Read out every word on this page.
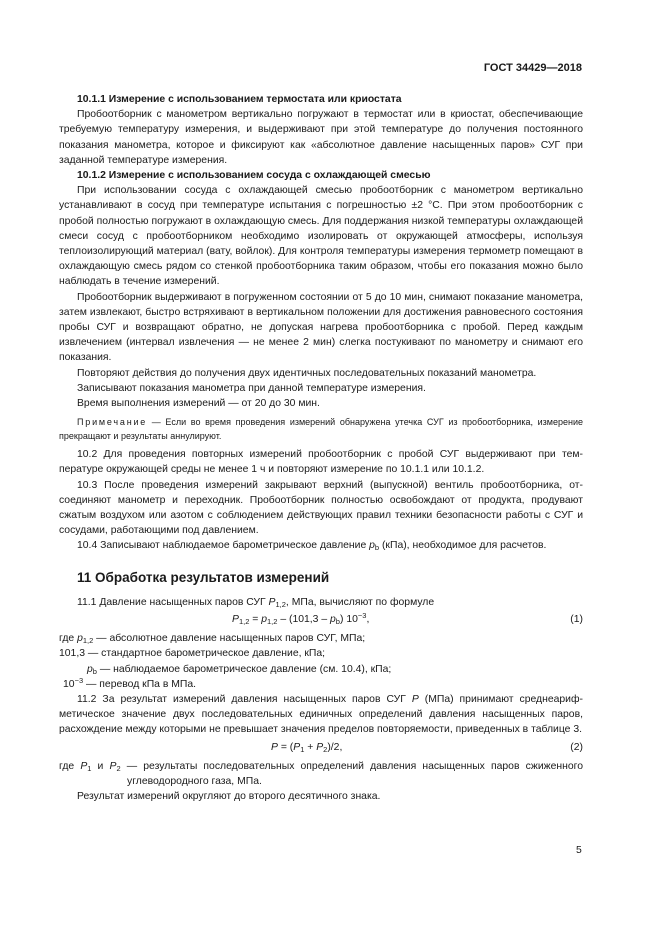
ГОСТ 34429—2018

10.1.1 Измерение с использованием термостата или криостата

Пробоотборник с манометром вертикально погружают в термостат или в криостат, обеспечивающие требуемую температуру измерения, и выдерживают при этой температуре до получения постоянного показания манометра, которое и фиксируют как «абсолютное давление насыщенных паров» СУГ при заданной температуре измерения.

10.1.2 Измерение с использованием сосуда с охлаждающей смесью

При использовании сосуда с охлаждающей смесью пробоотборник с манометром вертикально устанавливают в сосуд при температуре испытания с погрешностью ±2 °С. При этом пробоотборник с пробой полностью погружают в охлаждающую смесь. Для поддержания низкой температуры охлаждающей смеси сосуд с пробоотборником необходимо изолировать от окружающей атмосферы, используя теплоизолирующий материал (вату, войлок). Для контроля температуры измерения термометр помещают в охлаждающую смесь рядом со стенкой пробоотборника таким образом, чтобы его показания можно было наблюдать в течение измерений.

Пробоотборник выдерживают в погруженном состоянии от 5 до 10 мин, снимают показание манометра, затем извлекают, быстро встряхивают в вертикальном положении для достижения равновесного состояния пробы СУГ и возвращают обратно, не допуская нагрева пробоотборника с пробой. Перед каждым извлечением (интервал извлечения — не менее 2 мин) слегка постукивают по манометру и снимают его показания.

Повторяют действия до получения двух идентичных последовательных показаний манометра.

Записывают показания манометра при данной температуре измерения.

Время выполнения измерений — от 20 до 30 мин.

Примечание — Если во время проведения измерений обнаружена утечка СУГ из пробоотборника, измерение прекращают и результаты аннулируют.

10.2 Для проведения повторных измерений пробоотборник с пробой СУГ выдерживают при температуре окружающей среды не менее 1 ч и повторяют измерение по 10.1.1 или 10.1.2.

10.3 После проведения измерений закрывают верхний (выпускной) вентиль пробоотборника, отсоединяют манометр и переходник. Пробоотборник полностью освобождают от продукта, продувают сжатым воздухом или азотом с соблюдением действующих правил техники безопасности работы с СУГ и сосудами, работающими под давлением.

10.4 Записывают наблюдаемое барометрическое давление $p_b$ (кПа), необходимое для расчетов.

11 Обработка результатов измерений

11.1 Давление насыщенных паров СУГ $P_{1,2}$, МПа, вычисляют по формуле

$P_{1,2} = p_{1,2} - (101,3 - p_b)$ $10^{-3}$,	(1)

где $p_{1,2}$ — абсолютное давление насыщенных паров СУГ, МПа;

101,3 — стандартное барометрическое давление, кПа;

$p_b$ — наблюдаемое барометрическое давление (см. 10.4), кПа;

$10^{-3}$ — перевод кПа в МПа.

11.2 За результат измерений давления насыщенных паров СУГ P (МПа) принимают среднеарифметическое значение двух последовательных единичных определений давления насыщенных паров, расхождение между которыми не превышает значения пределов повторяемости, приведенных в таблице 3.

$P = (P_1 + P_2)/2$,	(2)

где $P_1$ и $P_2$ — результаты последовательных определений давления насыщенных паров сжиженного углеводородного газа, МПа.

Результат измерений округляют до второго десятичного знака.

5
